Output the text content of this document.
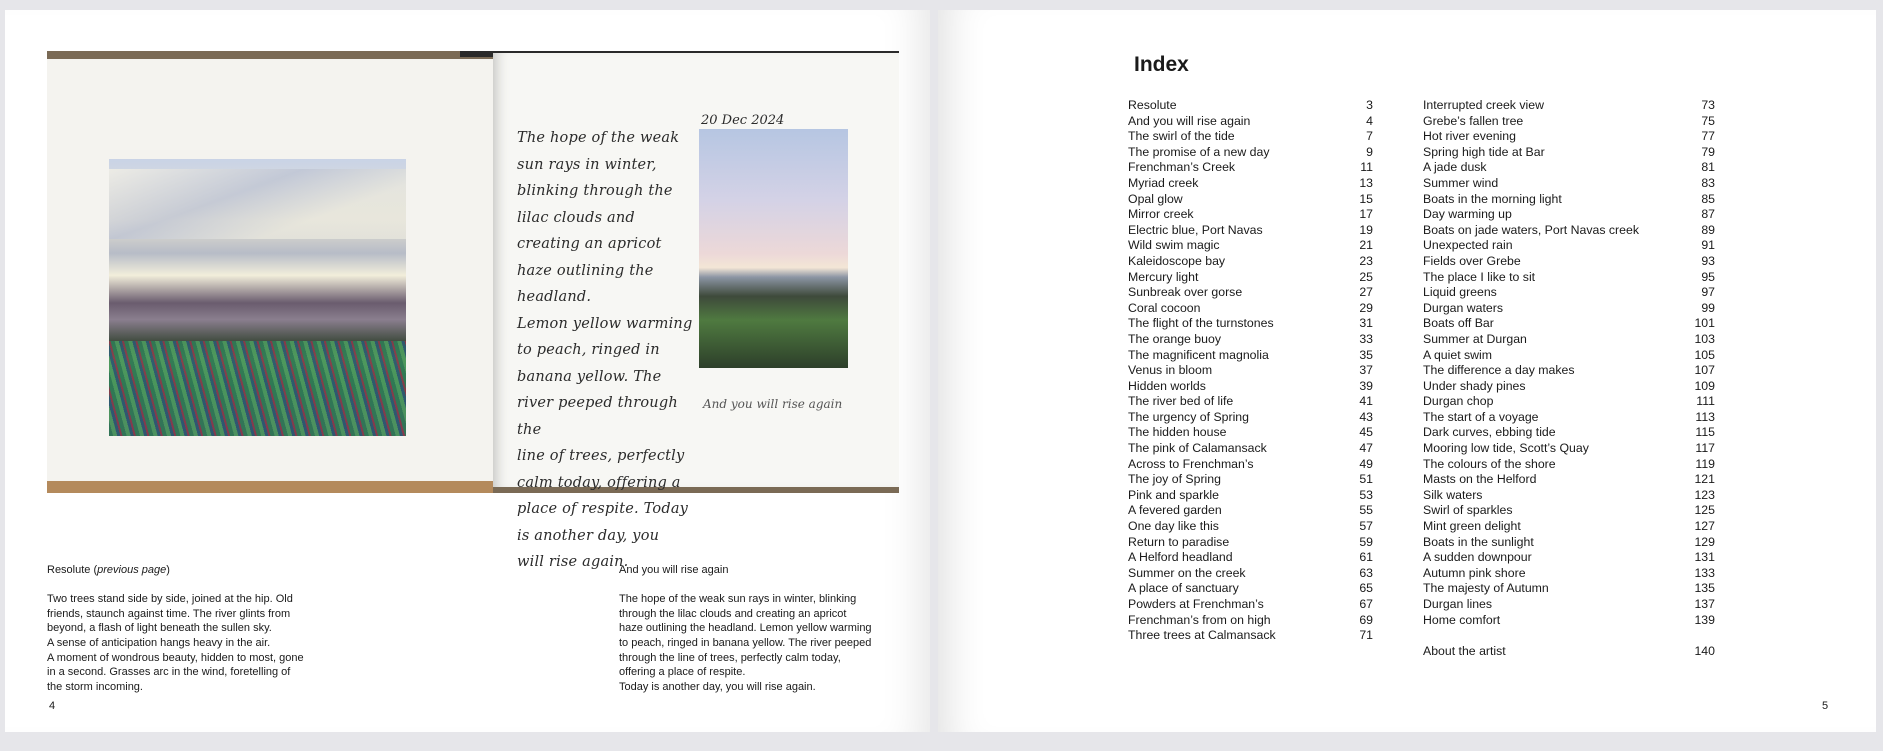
The hope of the weak
sun rays in winter,
blinking through the
lilac clouds and
creating an apricot
haze outlining the headland.
Lemon yellow warming
to peach, ringed in
banana yellow. The
river peeped through the
line of trees, perfectly
calm today, offering a
place of respite. Today
is another day, you
will rise again.
20 Dec 2024
And you will rise again
Resolute (previous page)
Two trees stand side by side, joined at the hip. Old
friends, staunch against time. The river glints from
beyond, a flash of light beneath the sullen sky.
A sense of anticipation hangs heavy in the air.
A moment of wondrous beauty, hidden to most, gone
in a second. Grasses arc in the wind, foretelling of
the storm incoming.
And you will rise again
The hope of the weak sun rays in winter, blinking
through the lilac clouds and creating an apricot
haze outlining the headland. Lemon yellow warming
to peach, ringed in banana yellow. The river peeped
through the line of trees, perfectly calm today,
offering a place of respite.
Today is another day, you will rise again.
4
Index
Resolute	3
And you will rise again	4
The swirl of the tide	7
The promise of a new day	9
Frenchman’s Creek	11
Myriad creek	13
Opal glow	15
Mirror creek	17
Electric blue, Port Navas	19
Wild swim magic	21
Kaleidoscope bay	23
Mercury light	25
Sunbreak over gorse	27
Coral cocoon	29
The flight of the turnstones	31
The orange buoy	33
The magnificent magnolia	35
Venus in bloom	37
Hidden worlds	39
The river bed of life	41
The urgency of Spring	43
The hidden house	45
The pink of Calamansack	47
Across to Frenchman’s	49
The joy of Spring	51
Pink and sparkle	53
A fevered garden	55
One day like this	57
Return to paradise	59
A Helford headland	61
Summer on the creek	63
A place of sanctuary	65
Powders at Frenchman’s	67
Frenchman’s from on high	69
Three trees at Calmansack	71
Interrupted creek view	73
Grebe’s fallen tree	75
Hot river evening	77
Spring high tide at Bar	79
A jade dusk	81
Summer wind	83
Boats in the morning light	85
Day warming up	87
Boats on jade waters, Port Navas creek	89
Unexpected rain	91
Fields over Grebe	93
The place I like to sit	95
Liquid greens	97
Durgan waters	99
Boats off Bar	101
Summer at Durgan	103
A quiet swim	105
The difference a day makes	107
Under shady pines	109
Durgan chop	111
The start of a voyage	113
Dark curves, ebbing tide	115
Mooring low tide, Scott’s Quay	117
The colours of the shore	119
Masts on the Helford	121
Silk waters	123
Swirl of sparkles	125
Mint green delight	127
Boats in the sunlight	129
A sudden downpour	131
Autumn pink shore	133
The majesty of Autumn	135
Durgan lines	137
Home comfort	139
About the artist	140
5
